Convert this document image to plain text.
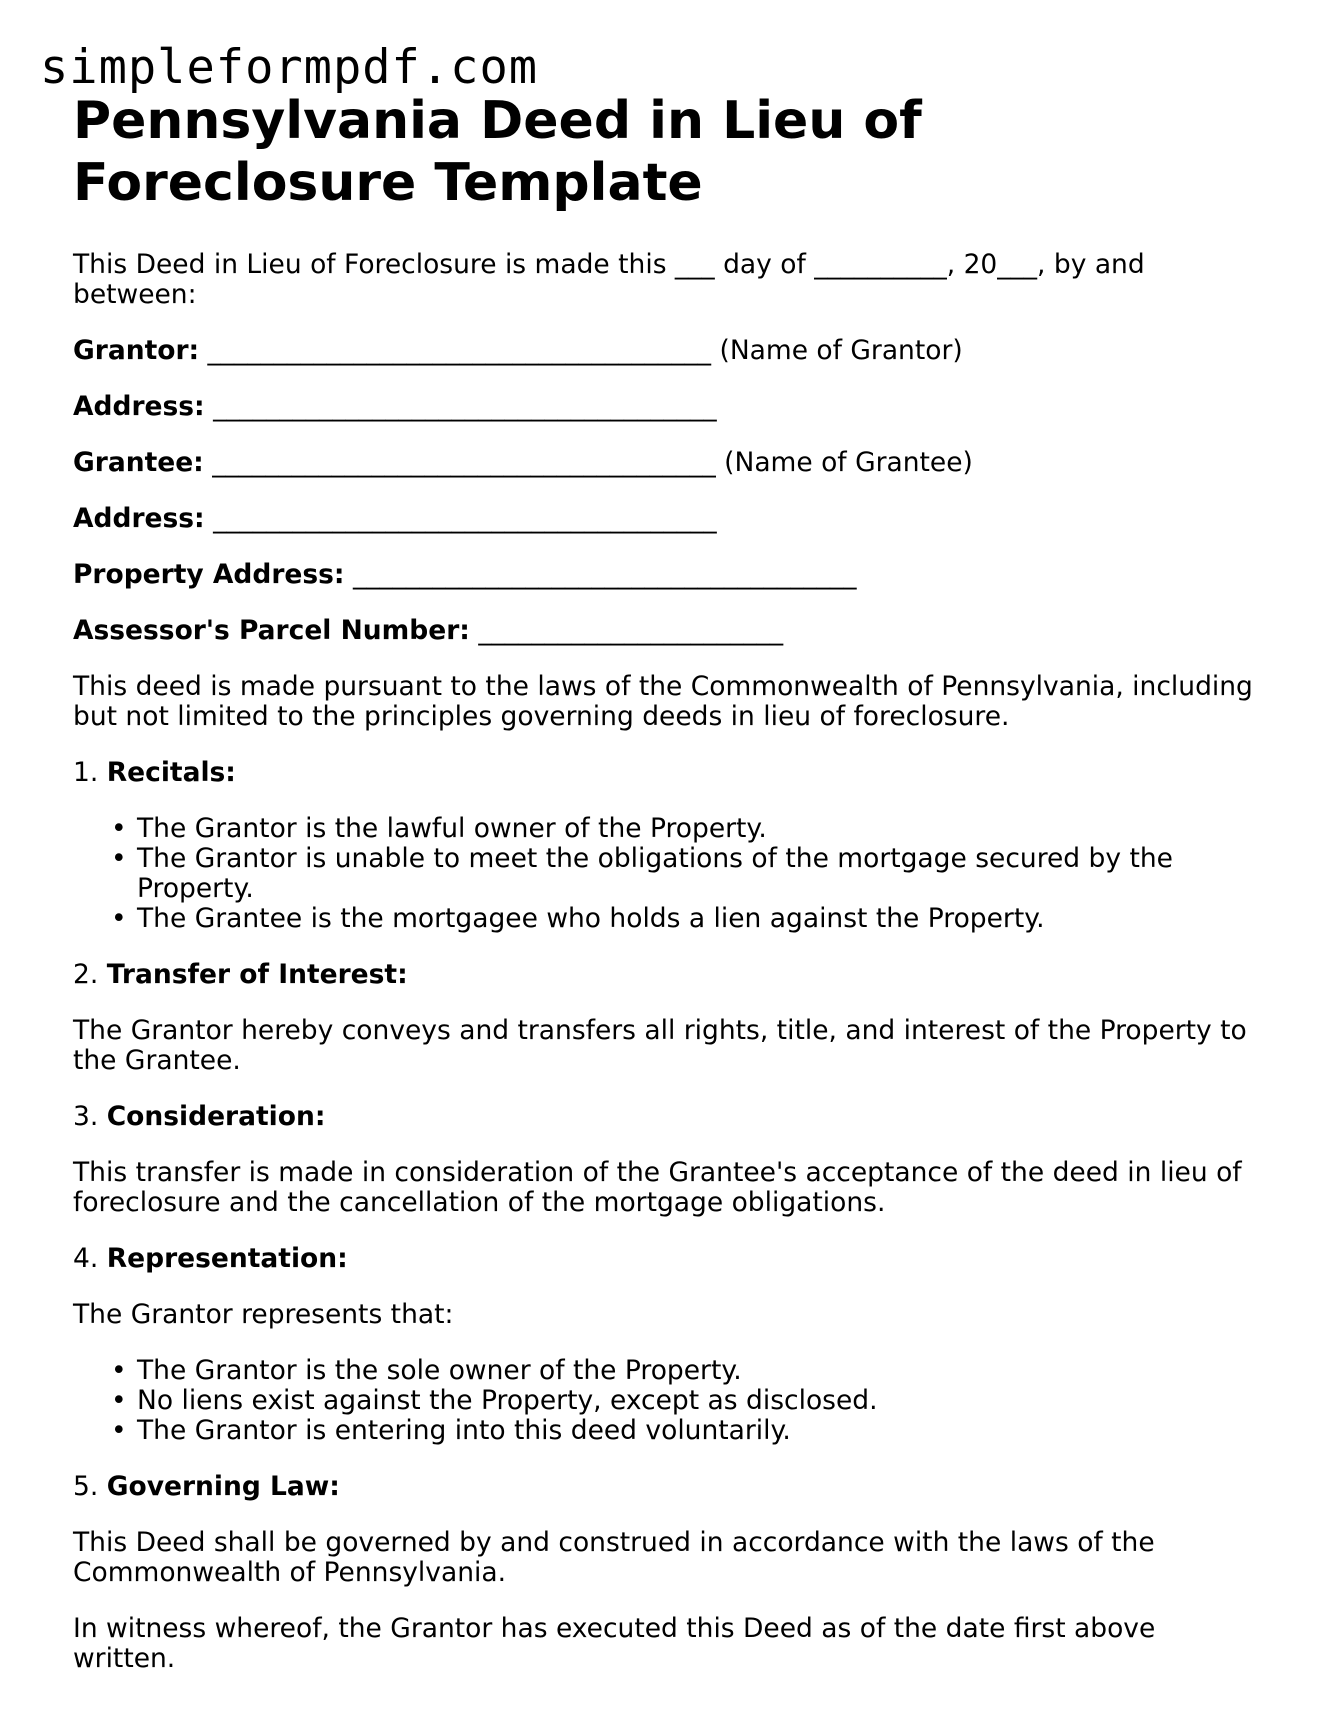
simpleformpdf.com
Pennsylvania Deed in Lieu of
Foreclosure Template

This Deed in Lieu of Foreclosure is made this ___ day of __________, 20___, by and between:

Grantor: ______________________________________ (Name of Grantor)

Address: ______________________________________

Grantee: ______________________________________ (Name of Grantee)

Address: ______________________________________

Property Address: ______________________________________

Assessor's Parcel Number: _______________________

This deed is made pursuant to the laws of the Commonwealth of Pennsylvania, including but not limited to the principles governing deeds in lieu of foreclosure.

1. Recitals:

• The Grantor is the lawful owner of the Property.
• The Grantor is unable to meet the obligations of the mortgage secured by the Property.
• The Grantee is the mortgagee who holds a lien against the Property.

2. Transfer of Interest:

The Grantor hereby conveys and transfers all rights, title, and interest of the Property to the Grantee.

3. Consideration:

This transfer is made in consideration of the Grantee's acceptance of the deed in lieu of foreclosure and the cancellation of the mortgage obligations.

4. Representation:

The Grantor represents that:

• The Grantor is the sole owner of the Property.
• No liens exist against the Property, except as disclosed.
• The Grantor is entering into this deed voluntarily.

5. Governing Law:

This Deed shall be governed by and construed in accordance with the laws of the Commonwealth of Pennsylvania.

In witness whereof, the Grantor has executed this Deed as of the date first above written.
